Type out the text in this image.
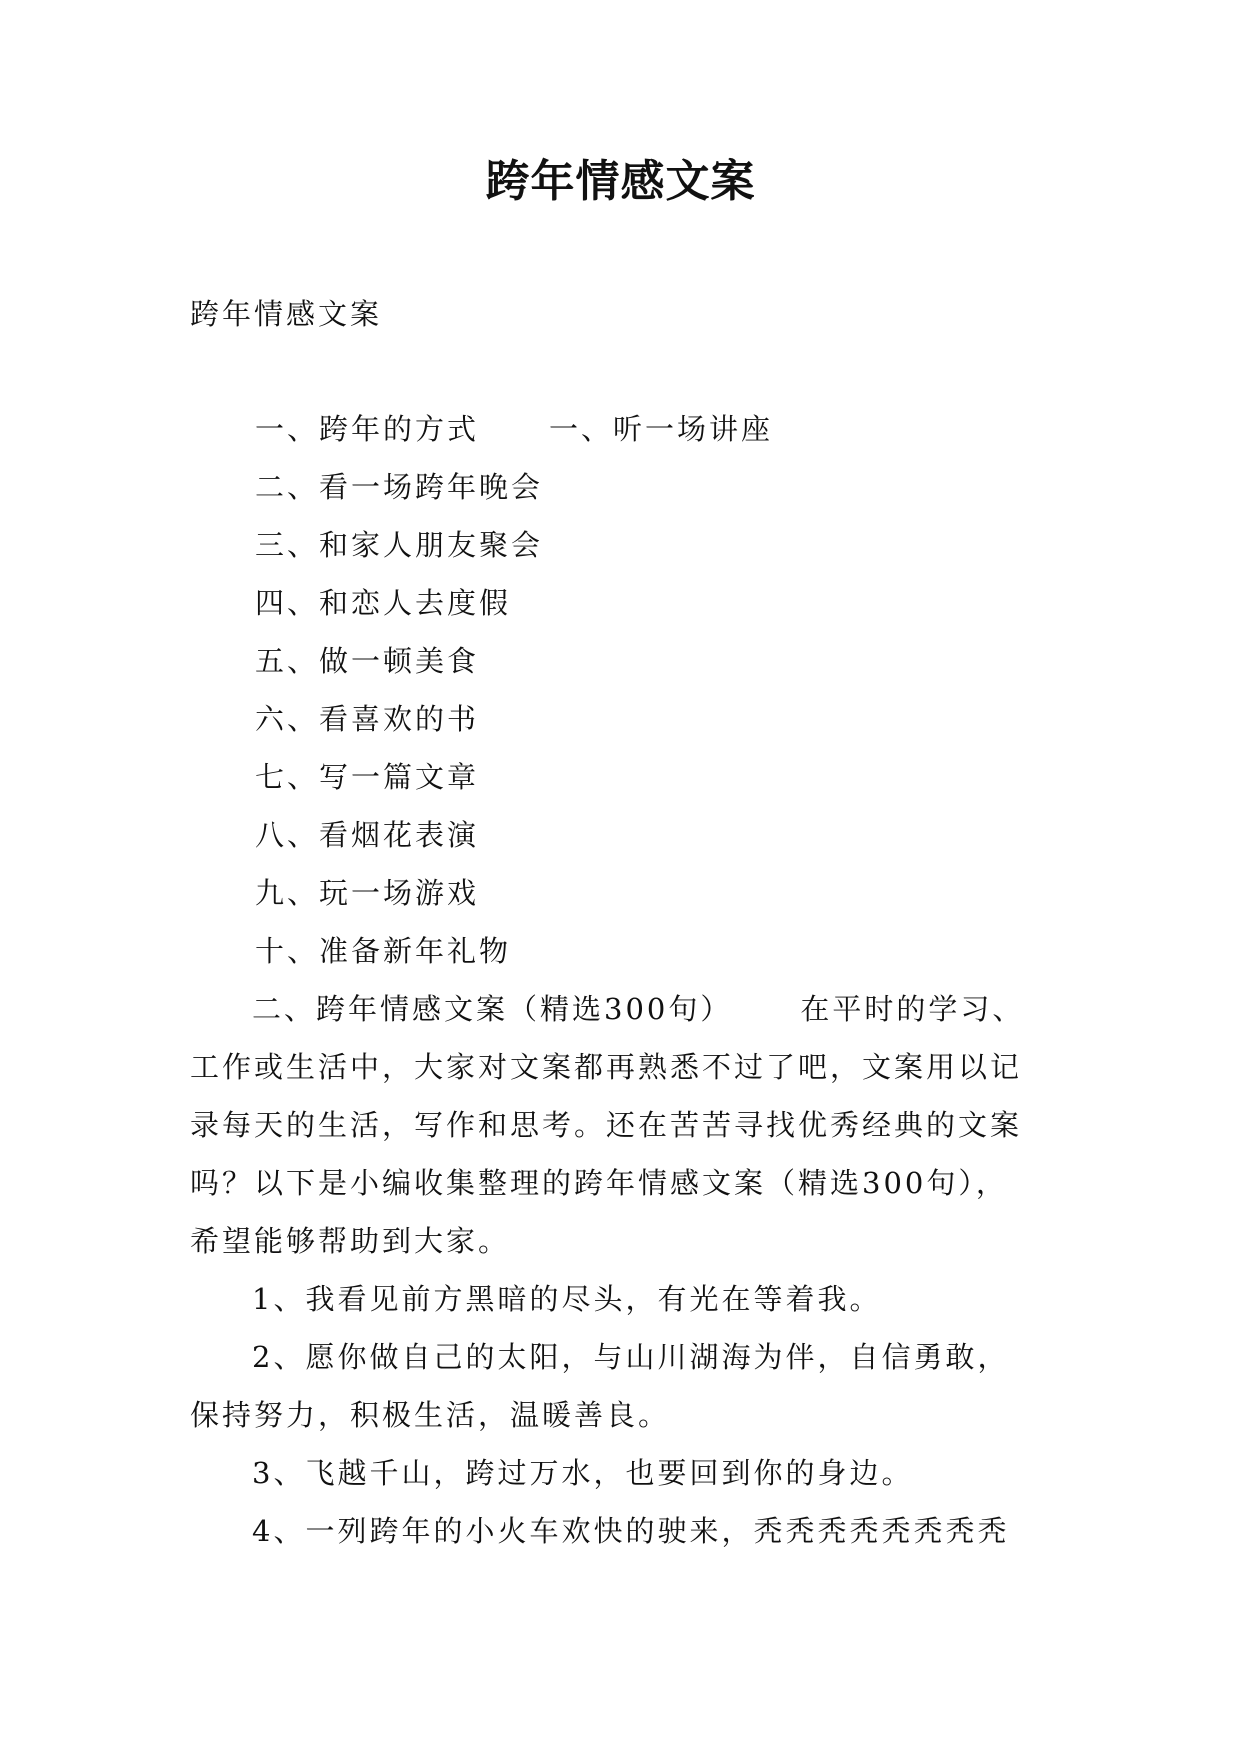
跨年情感文案

跨年情感文案

一、跨年的方式 一、听一场讲座
二、看一场跨年晚会
三、和家人朋友聚会
四、和恋人去度假
五、做一顿美食
六、看喜欢的书
七、写一篇文章
八、看烟花表演
九、玩一场游戏
十、准备新年礼物
二、跨年情感文案（精选300句） 在平时的学习、
工作或生活中，大家对文案都再熟悉不过了吧，文案用以记
录每天的生活，写作和思考。还在苦苦寻找优秀经典的文案
吗？以下是小编收集整理的跨年情感文案（精选300句），
希望能够帮助到大家。
1、我看见前方黑暗的尽头，有光在等着我。
2、愿你做自己的太阳，与山川湖海为伴，自信勇敢，
保持努力，积极生活，温暖善良。
3、飞越千山，跨过万水，也要回到你的身边。
4、一列跨年的小火车欢快的驶来，秃秃秃秃秃秃秃秃
